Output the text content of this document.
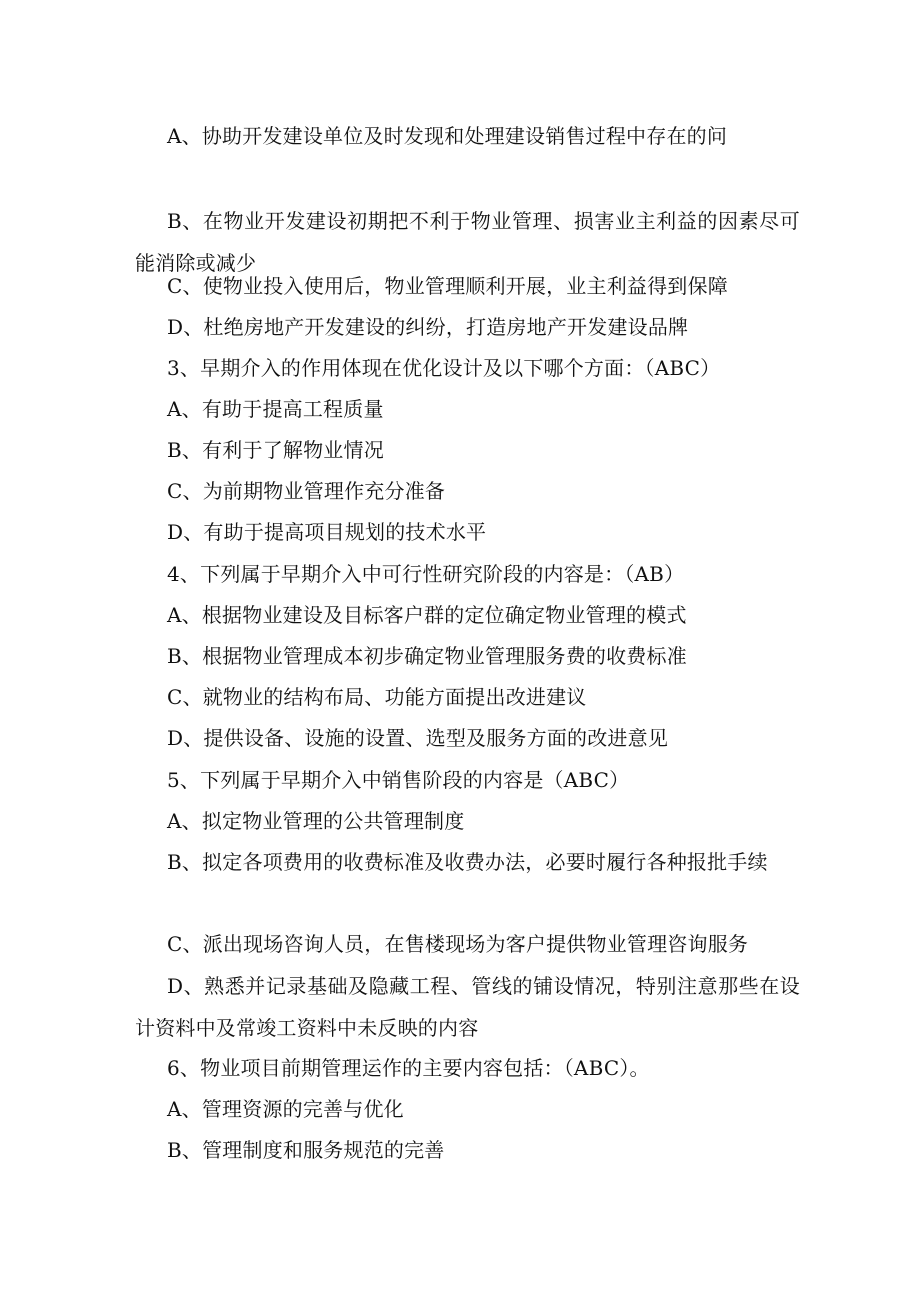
A、协助开发建设单位及时发现和处理建设销售过程中存在的问
B、在物业开发建设初期把不利于物业管理、损害业主利益的因素尽可能消除或减少
C、使物业投入使用后，物业管理顺利开展，业主利益得到保障
D、杜绝房地产开发建设的纠纷，打造房地产开发建设品牌
3、早期介入的作用体现在优化设计及以下哪个方面：（ABC）
A、有助于提高工程质量
B、有利于了解物业情况
C、为前期物业管理作充分准备
D、有助于提高项目规划的技术水平
4、下列属于早期介入中可行性研究阶段的内容是：（AB）
A、根据物业建设及目标客户群的定位确定物业管理的模式
B、根据物业管理成本初步确定物业管理服务费的收费标准
C、就物业的结构布局、功能方面提出改进建议
D、提供设备、设施的设置、选型及服务方面的改进意见
5、下列属于早期介入中销售阶段的内容是（ABC）
A、拟定物业管理的公共管理制度
B、拟定各项费用的收费标准及收费办法，必要时履行各种报批手续
C、派出现场咨询人员，在售楼现场为客户提供物业管理咨询服务
D、熟悉并记录基础及隐藏工程、管线的铺设情况，特别注意那些在设计资料中及常竣工资料中未反映的内容
6、物业项目前期管理运作的主要内容包括：（ABC）。
A、管理资源的完善与优化
B、管理制度和服务规范的完善
